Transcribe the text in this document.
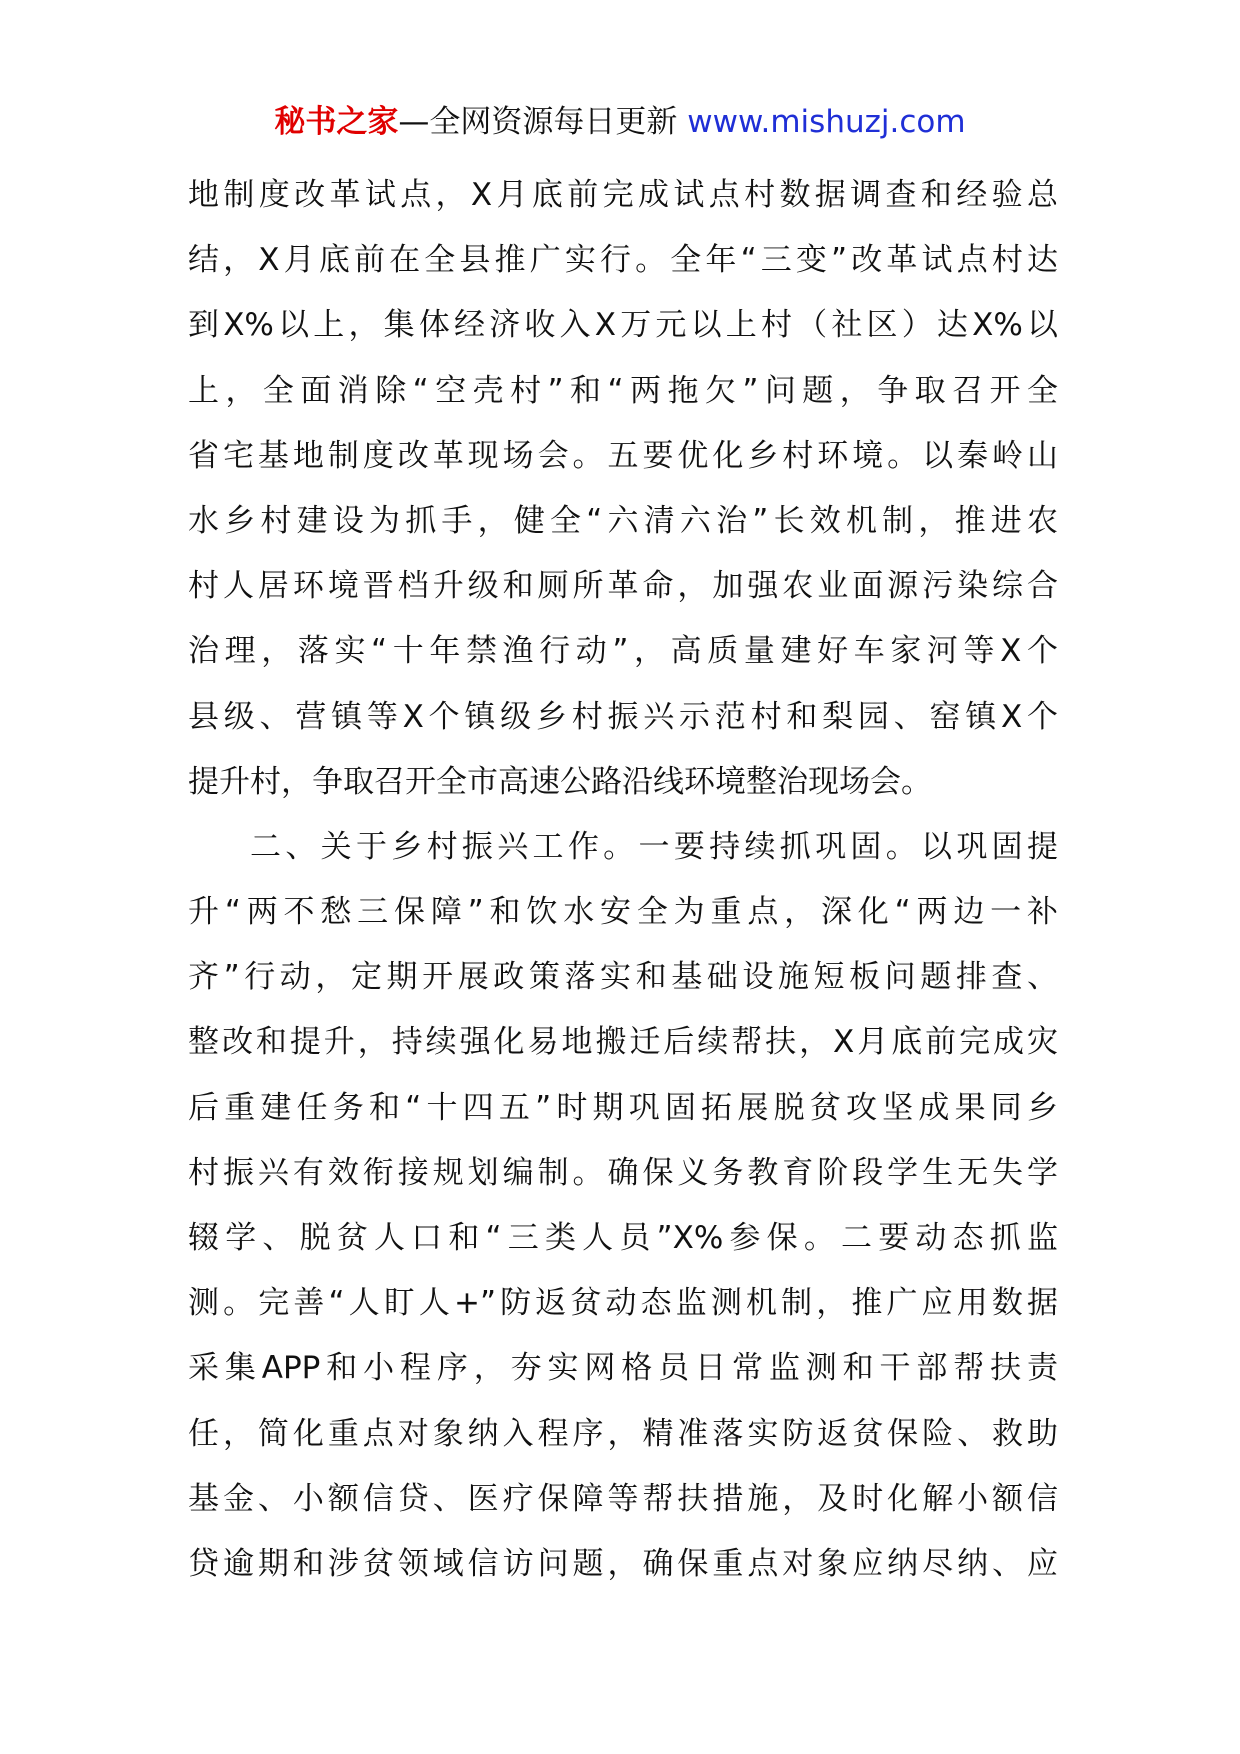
秘书之家—全网资源每日更新 www.mishuzj.com
地制度改革试点，X月底前完成试点村数据调查和经验总
结，X月底前在全县推广实行。全年“三变”改革试点村达
到X%以上，集体经济收入X万元以上村（社区）达X%以
上，全面消除“空壳村”和“两拖欠”问题，争取召开全
省宅基地制度改革现场会。五要优化乡村环境。以秦岭山
水乡村建设为抓手，健全“六清六治”长效机制，推进农
村人居环境晋档升级和厕所革命，加强农业面源污染综合
治理，落实“十年禁渔行动”，高质量建好车家河等X个
县级、营镇等X个镇级乡村振兴示范村和梨园、窑镇X个
提升村，争取召开全市高速公路沿线环境整治现场会。
二、关于乡村振兴工作。一要持续抓巩固。以巩固提
升“两不愁三保障”和饮水安全为重点，深化“两边一补
齐”行动，定期开展政策落实和基础设施短板问题排查、
整改和提升，持续强化易地搬迁后续帮扶，X月底前完成灾
后重建任务和“十四五”时期巩固拓展脱贫攻坚成果同乡
村振兴有效衔接规划编制。确保义务教育阶段学生无失学
辍学、脱贫人口和“三类人员”X%参保。二要动态抓监
测。完善“人盯人+”防返贫动态监测机制，推广应用数据
采集APP和小程序，夯实网格员日常监测和干部帮扶责
任，简化重点对象纳入程序，精准落实防返贫保险、救助
基金、小额信贷、医疗保障等帮扶措施，及时化解小额信
贷逾期和涉贫领域信访问题，确保重点对象应纳尽纳、应
